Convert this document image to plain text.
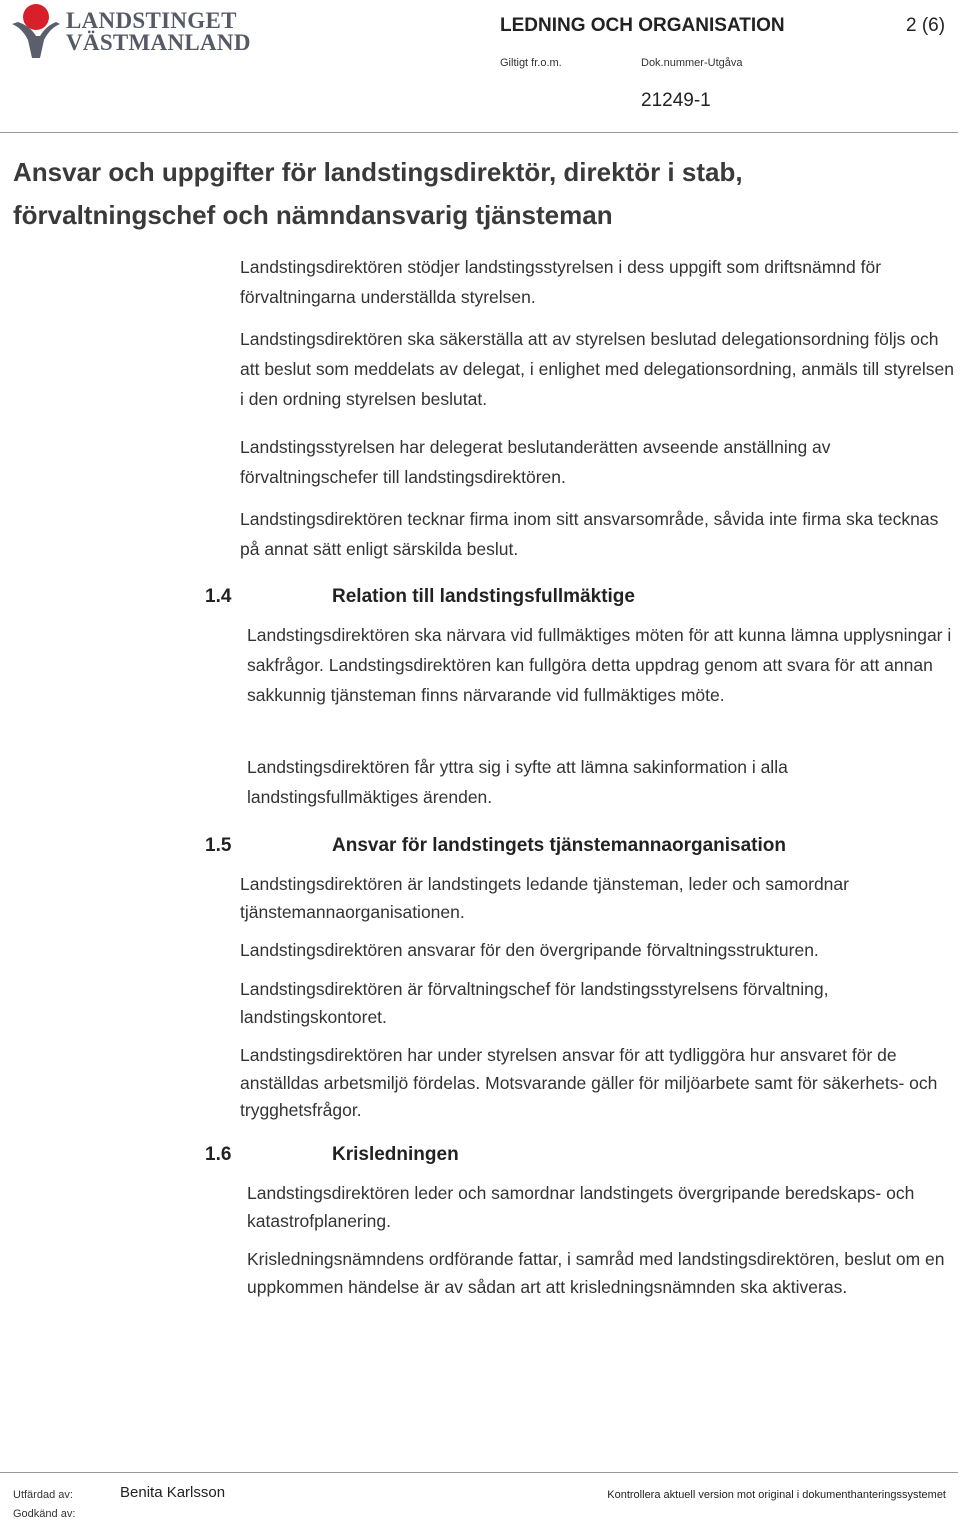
LANDSTINGET
VÄSTMANLAND
LEDNING OCH ORGANISATION	2 (6)
Giltigt fr.o.m.	Dok.nummer-Utgåva
21249-1
Ansvar och uppgifter för landstingsdirektör, direktör i stab,
förvaltningschef och nämndansvarig tjänsteman

Landstingsdirektören stödjer landstingsstyrelsen i dess uppgift som driftsnämnd för förvaltningarna underställda styrelsen.

Landstingsdirektören ska säkerställa att av styrelsen beslutad delegationsordning följs och att beslut som meddelats av delegat, i enlighet med delegationsordning, anmäls till styrelsen i den ordning styrelsen beslutat.

Landstingsstyrelsen har delegerat beslutanderätten avseende anställning av förvaltningschefer till landstingsdirektören.

Landstingsdirektören tecknar firma inom sitt ansvarsområde, såvida inte firma ska tecknas på annat sätt enligt särskilda beslut.

1.4	Relation till landstingsfullmäktige

Landstingsdirektören ska närvara vid fullmäktiges möten för att kunna lämna upplysningar i sakfrågor. Landstingsdirektören kan fullgöra detta uppdrag genom att svara för att annan sakkunnig tjänsteman finns närvarande vid fullmäktiges möte.

Landstingsdirektören får yttra sig i syfte att lämna sakinformation i alla landstingsfullmäktiges ärenden.

1.5	Ansvar för landstingets tjänstemannaorganisation

Landstingsdirektören är landstingets ledande tjänsteman, leder och samordnar tjänstemannaorganisationen.

Landstingsdirektören ansvarar för den övergripande förvaltningsstrukturen.

Landstingsdirektören är förvaltningschef för landstingsstyrelsens förvaltning, landstingskontoret.

Landstingsdirektören har under styrelsen ansvar för att tydliggöra hur ansvaret för de anställdas arbetsmiljö fördelas. Motsvarande gäller för miljöarbete samt för säkerhets- och trygghetsfrågor.

1.6	Krisledningen

Landstingsdirektören leder och samordnar landstingets övergripande beredskaps- och katastrofplanering.

Krisledningsnämndens ordförande fattar, i samråd med landstingsdirektören, beslut om en uppkommen händelse är av sådan art att krisledningsnämnden ska aktiveras.

Utfärdad av:	Benita Karlsson
Godkänd av:
Kontrollera aktuell version mot original i dokumenthanteringssystemet
